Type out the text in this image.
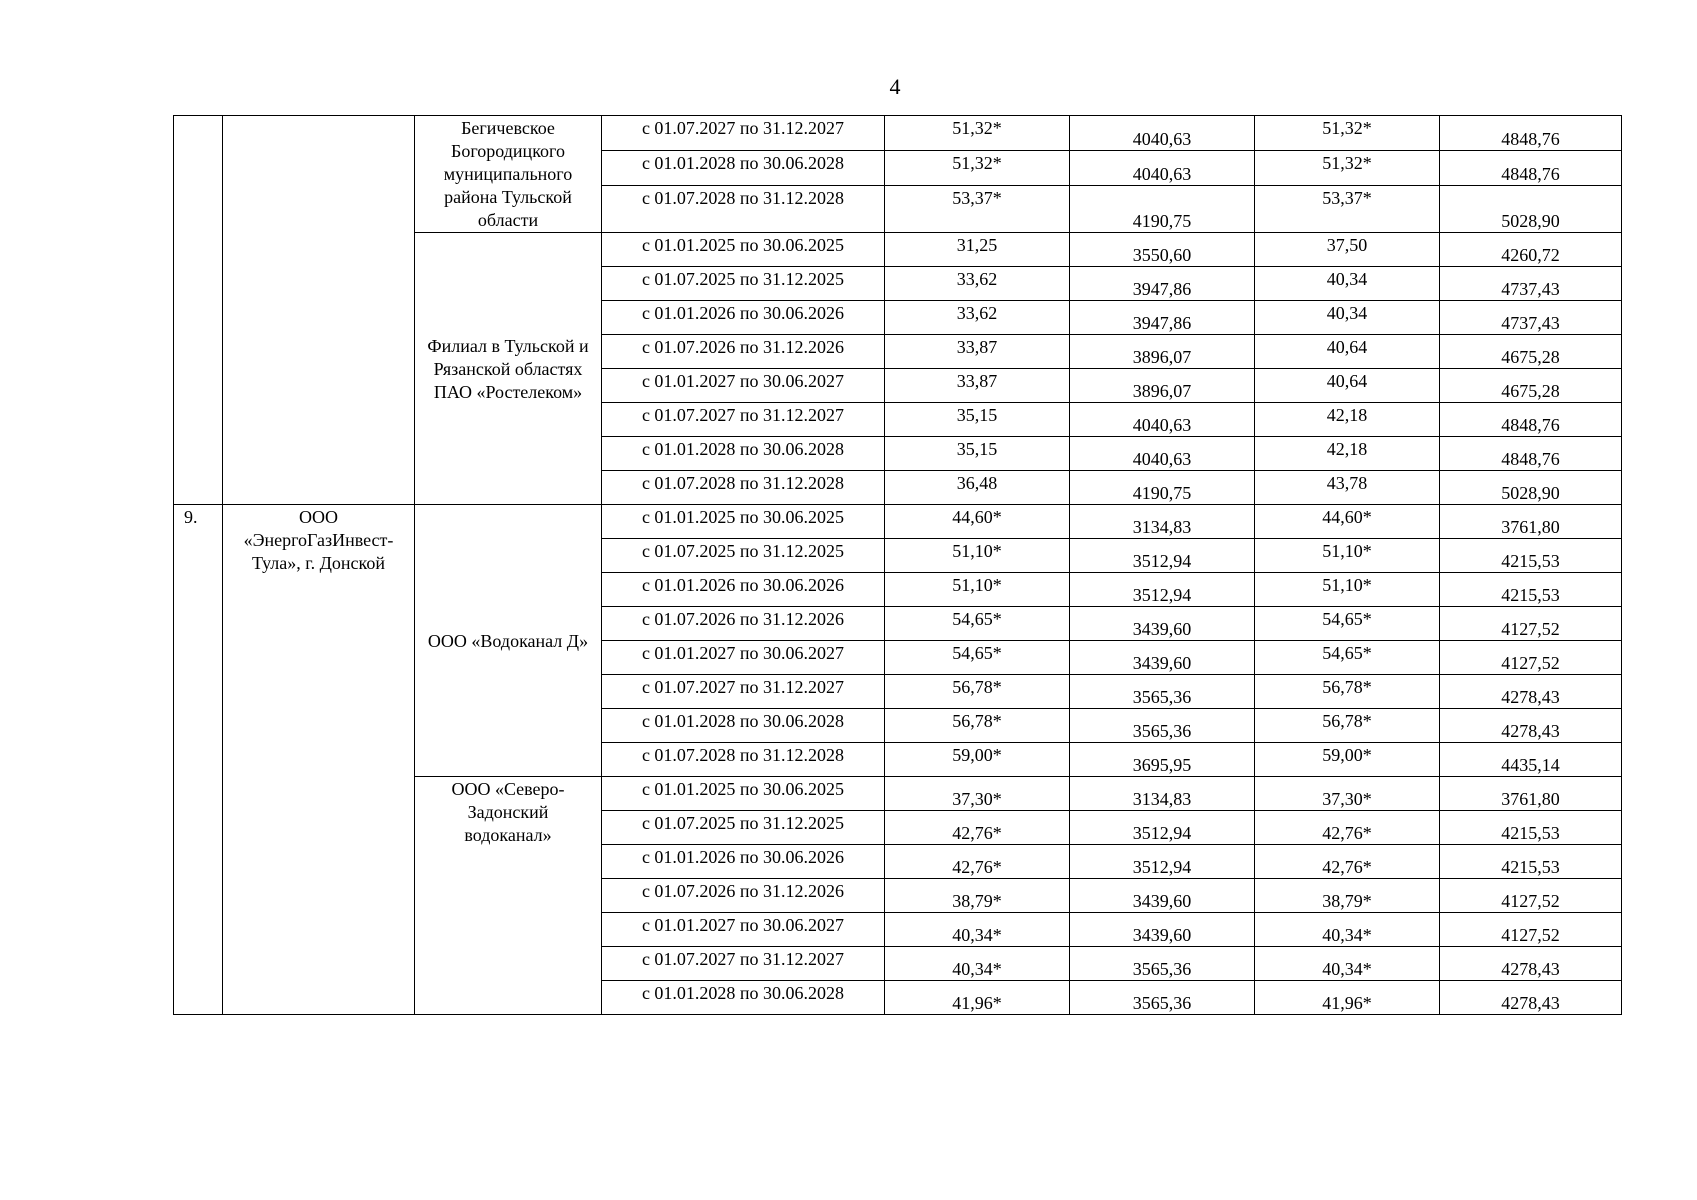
4
		Бегичевское Богородицкого муниципального района Тульской области	с 01.07.2027 по 31.12.2027	51,32*	4040,63	51,32*	4848,76
			с 01.01.2028 по 30.06.2028	51,32*	4040,63	51,32*	4848,76
			с 01.07.2028 по 31.12.2028	53,37*	4190,75	53,37*	5028,90
		Филиал в Тульской и Рязанской областях ПАО «Ростелеком»	с 01.01.2025 по 30.06.2025	31,25	3550,60	37,50	4260,72
			с 01.07.2025 по 31.12.2025	33,62	3947,86	40,34	4737,43
			с 01.01.2026 по 30.06.2026	33,62	3947,86	40,34	4737,43
			с 01.07.2026 по 31.12.2026	33,87	3896,07	40,64	4675,28
			с 01.01.2027 по 30.06.2027	33,87	3896,07	40,64	4675,28
			с 01.07.2027 по 31.12.2027	35,15	4040,63	42,18	4848,76
			с 01.01.2028 по 30.06.2028	35,15	4040,63	42,18	4848,76
			с 01.07.2028 по 31.12.2028	36,48	4190,75	43,78	5028,90
9.	ООО «ЭнергоГазИнвест-Тула», г. Донской	ООО «Водоканал Д»	с 01.01.2025 по 30.06.2025	44,60*	3134,83	44,60*	3761,80
			с 01.07.2025 по 31.12.2025	51,10*	3512,94	51,10*	4215,53
			с 01.01.2026 по 30.06.2026	51,10*	3512,94	51,10*	4215,53
			с 01.07.2026 по 31.12.2026	54,65*	3439,60	54,65*	4127,52
			с 01.01.2027 по 30.06.2027	54,65*	3439,60	54,65*	4127,52
			с 01.07.2027 по 31.12.2027	56,78*	3565,36	56,78*	4278,43
			с 01.01.2028 по 30.06.2028	56,78*	3565,36	56,78*	4278,43
			с 01.07.2028 по 31.12.2028	59,00*	3695,95	59,00*	4435,14
		ООО «Северо-Задонский водоканал»	с 01.01.2025 по 30.06.2025	37,30*	3134,83	37,30*	3761,80
			с 01.07.2025 по 31.12.2025	42,76*	3512,94	42,76*	4215,53
			с 01.01.2026 по 30.06.2026	42,76*	3512,94	42,76*	4215,53
			с 01.07.2026 по 31.12.2026	38,79*	3439,60	38,79*	4127,52
			с 01.01.2027 по 30.06.2027	40,34*	3439,60	40,34*	4127,52
			с 01.07.2027 по 31.12.2027	40,34*	3565,36	40,34*	4278,43
			с 01.01.2028 по 30.06.2028	41,96*	3565,36	41,96*	4278,43
